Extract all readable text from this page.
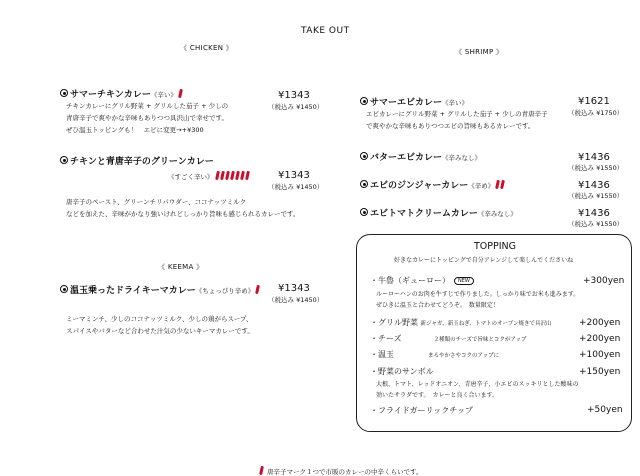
TAKE OUT
《 CHICKEN 》	《 SHRIMP 》
《 KEEMA 》
サマーチキンカレー《辛い》	¥1343
（税込み ¥1450）
チキンカレーにグリル野菜 + グリルした茄子 + 少しの
青唐辛子で爽やかな辛味もありつつ具沢山で幸せです。
ぜひ温玉トッピングも！　エビに変更→+¥300
チキンと青唐辛子のグリーンカレー
《すごく辛い》	¥1343
（税込み ¥1450）
唐辛子のペースト、グリーンチリパウダー、ココナッツミルク
などを加えた、辛味がかなり強いけれどしっかり旨味も感じられるカレーです。
温玉乗ったドライキーマカレー《ちょっぴり辛め》	¥1343
（税込み ¥1450）
ミーマミンチ、少しのココナッツミルク、少しの鶏がらスープ、
スパイスやバターなど合わせた汁気の少ないキーマカレーです。
サマーエビカレー《辛い》	¥1621
（税込み ¥1750）
エビカレーにグリル野菜 + グリルした茄子 + 少しの青唐辛子
で爽やかな辛味もありつつエビの旨味もあるカレーです。
バターエビカレー《辛みなし》	¥1436
（税込み ¥1550）
エビのジンジャーカレー《辛め》	¥1436
（税込み ¥1550）
エビトマトクリームカレー《辛みなし》	¥1436
（税込み ¥1550）
TOPPING
好きなカレーにトッピングで自分アレンジして楽しんでくださいね
・牛魯（ギューロー） NEW	+300yen
ルーローハンのお肉を牛すじで作りました。しっかり味でお米も進みます。
ぜひきに温玉と合わせてどうぞ。　数量限定！
・グリル野菜 新ジャガ、新玉ねぎ、トマトのオーブン焼きで具沢山	+200yen
・チーズ	２種類のチーズで旨味とコクがアップ	+200yen
・温玉	まろやかさやコクのアップに	+100yen
・野菜のサンボル	+150yen
大根、トマト、レッドオニオン、青唐辛子、小エビのスッキリとした酸味の
効いたサラダです。　カレーと良く合います。
・フライドガーリックチップ	+50yen
唐辛子マーク１つで市販のカレーの中辛くらいです。
